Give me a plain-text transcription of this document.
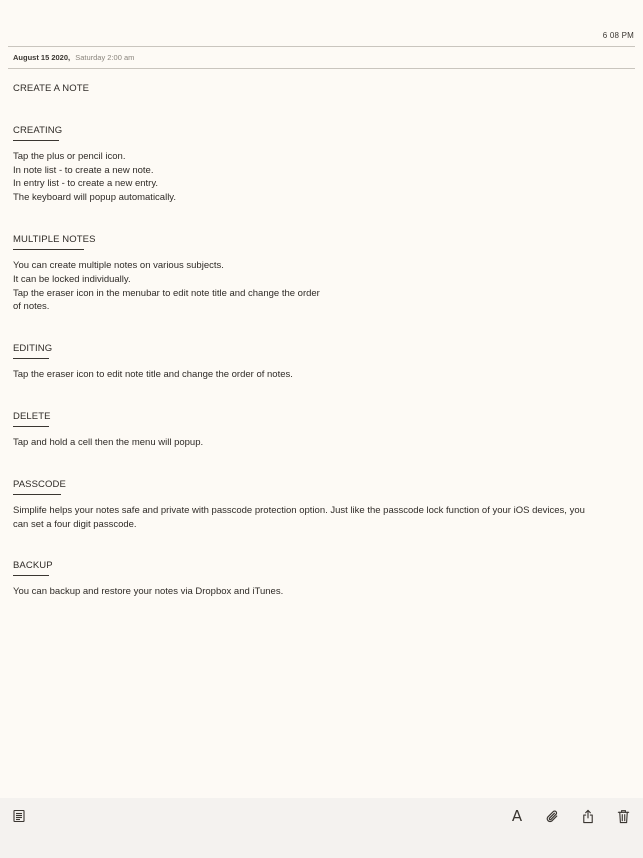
6 08 PM
August 15 2020, Saturday 2:00 am
CREATE A NOTE
CREATING
Tap the plus or pencil icon.
In note list - to create a new note.
In entry list - to create a new entry.
The keyboard will popup automatically.
MULTIPLE NOTES
You can create multiple notes on various subjects.
It can be locked individually.
Tap the eraser icon in the menubar to edit note title and change the order
of notes.
EDITING
Tap the eraser icon to edit note title and change the order of notes.
DELETE
Tap and hold a cell then the menu will popup.
PASSCODE
Simplife helps your notes safe and private with passcode protection option. Just like the passcode lock function of your iOS devices, you
can set a four digit passcode.
BACKUP
You can backup and restore your notes via Dropbox and iTunes.
A
